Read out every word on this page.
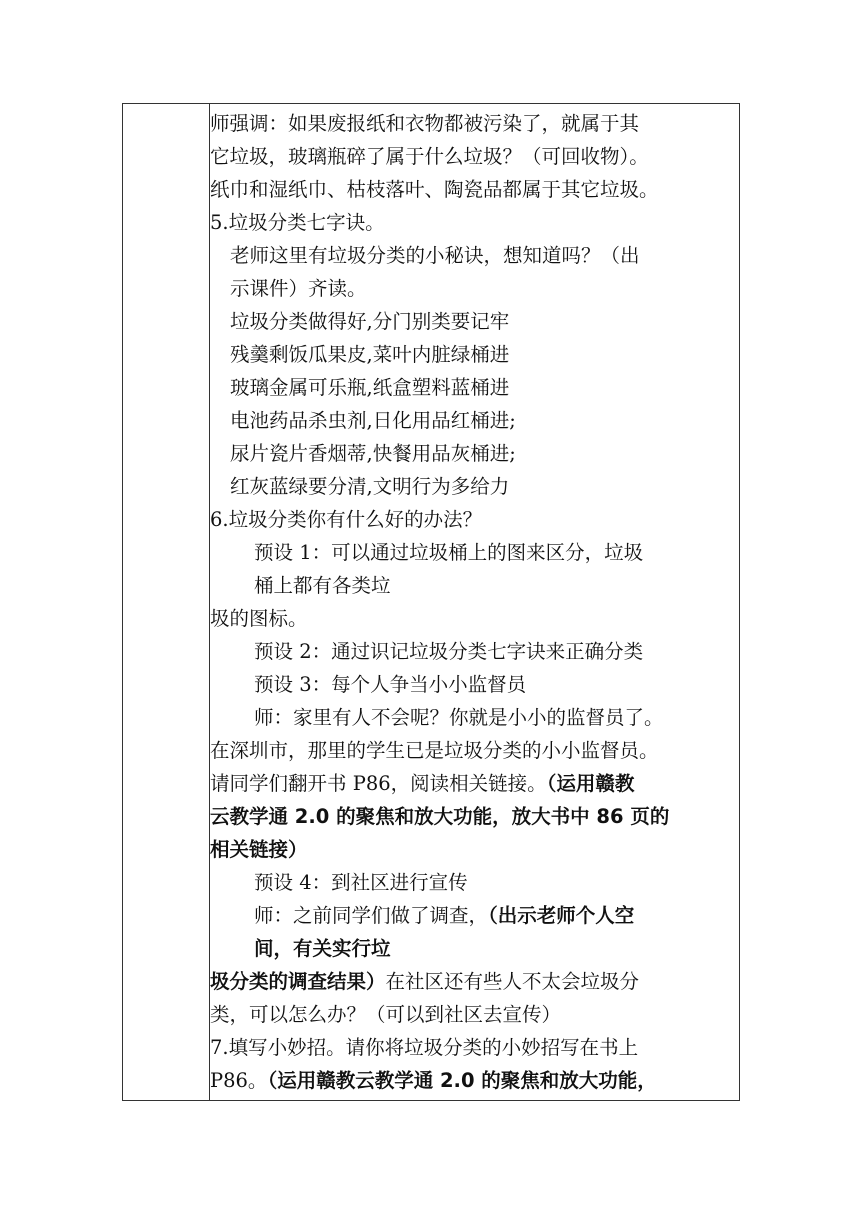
师强调：如果废报纸和衣物都被污染了，就属于其
它垃圾，玻璃瓶碎了属于什么垃圾？（可回收物）。
纸巾和湿纸巾、枯枝落叶、陶瓷品都属于其它垃圾。
5.垃圾分类七字诀。
老师这里有垃圾分类的小秘诀，想知道吗？（出
示课件）齐读。
垃圾分类做得好,分门别类要记牢
残羹剩饭瓜果皮,菜叶内脏绿桶进
玻璃金属可乐瓶,纸盒塑料蓝桶进
电池药品杀虫剂,日化用品红桶进;
尿片瓷片香烟蒂,快餐用品灰桶进;
红灰蓝绿要分清,文明行为多给力
6.垃圾分类你有什么好的办法？
预设 1：可以通过垃圾桶上的图来区分，垃圾
桶上都有各类垃
圾的图标。
预设 2：通过识记垃圾分类七字诀来正确分类
预设 3：每个人争当小小监督员
师：家里有人不会呢？你就是小小的监督员了。
在深圳市，那里的学生已是垃圾分类的小小监督员。
请同学们翻开书 P86，阅读相关链接。（运用赣教
云教学通 2.0 的聚焦和放大功能，放大书中 86 页的
相关链接）
预设 4：到社区进行宣传
师：之前同学们做了调查，（出示老师个人空
间，有关实行垃
圾分类的调查结果）在社区还有些人不太会垃圾分
类，可以怎么办？（可以到社区去宣传）
7.填写小妙招。请你将垃圾分类的小妙招写在书上
P86。（运用赣教云教学通 2.0 的聚焦和放大功能，
